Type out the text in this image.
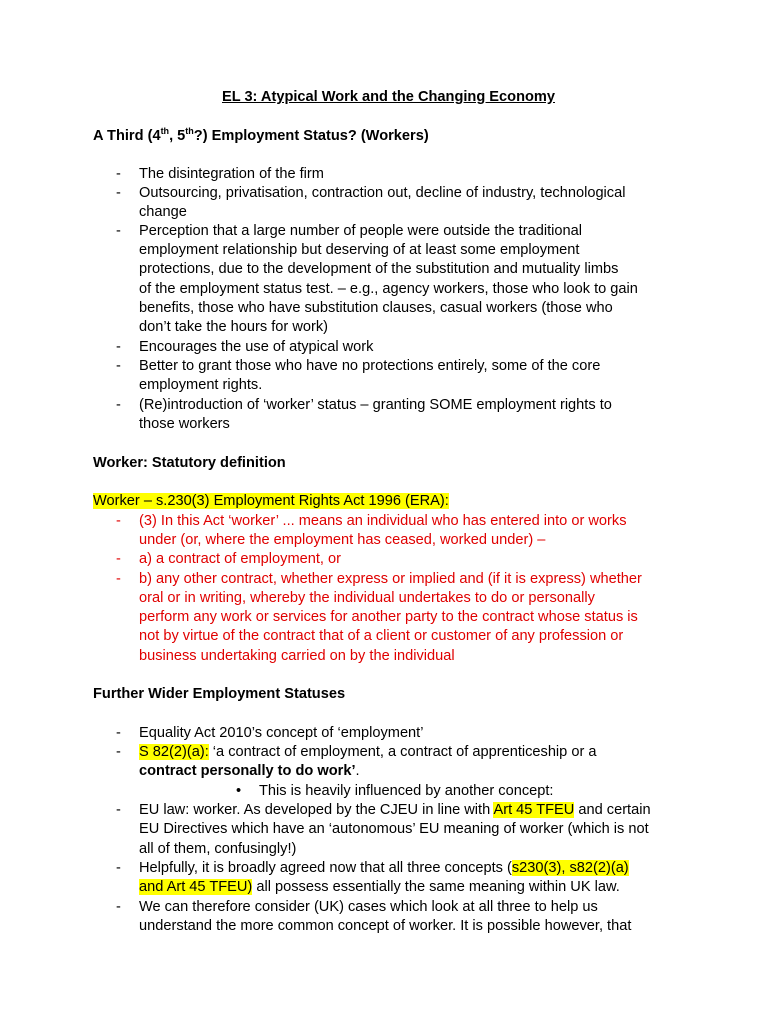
EL 3: Atypical Work and the Changing Economy
A Third (4th, 5th?) Employment Status? (Workers)
- The disintegration of the firm
- Outsourcing, privatisation, contraction out, decline of industry, technological
change
- Perception that a large number of people were outside the traditional
employment relationship but deserving of at least some employment
protections, due to the development of the substitution and mutuality limbs
of the employment status test. – e.g., agency workers, those who look to gain
benefits, those who have substitution clauses, casual workers (those who
don’t take the hours for work)
- Encourages the use of atypical work
- Better to grant those who have no protections entirely, some of the core
employment rights.
- (Re)introduction of ‘worker’ status – granting SOME employment rights to
those workers
Worker: Statutory definition
Worker – s.230(3) Employment Rights Act 1996 (ERA):
- (3) In this Act ‘worker’ ... means an individual who has entered into or works
under (or, where the employment has ceased, worked under) –
- a) a contract of employment, or
- b) any other contract, whether express or implied and (if it is express) whether
oral or in writing, whereby the individual undertakes to do or personally
perform any work or services for another party to the contract whose status is
not by virtue of the contract that of a client or customer of any profession or
business undertaking carried on by the individual
Further Wider Employment Statuses
- Equality Act 2010’s concept of ‘employment’
- S 82(2)(a): ‘a contract of employment, a contract of apprenticeship or a
contract personally to do work’.
• This is heavily influenced by another concept:
- EU law: worker. As developed by the CJEU in line with Art 45 TFEU and certain
EU Directives which have an ‘autonomous’ EU meaning of worker (which is not
all of them, confusingly!)
- Helpfully, it is broadly agreed now that all three concepts (s230(3), s82(2)(a)
and Art 45 TFEU) all possess essentially the same meaning within UK law.
- We can therefore consider (UK) cases which look at all three to help us
understand the more common concept of worker. It is possible however, that
